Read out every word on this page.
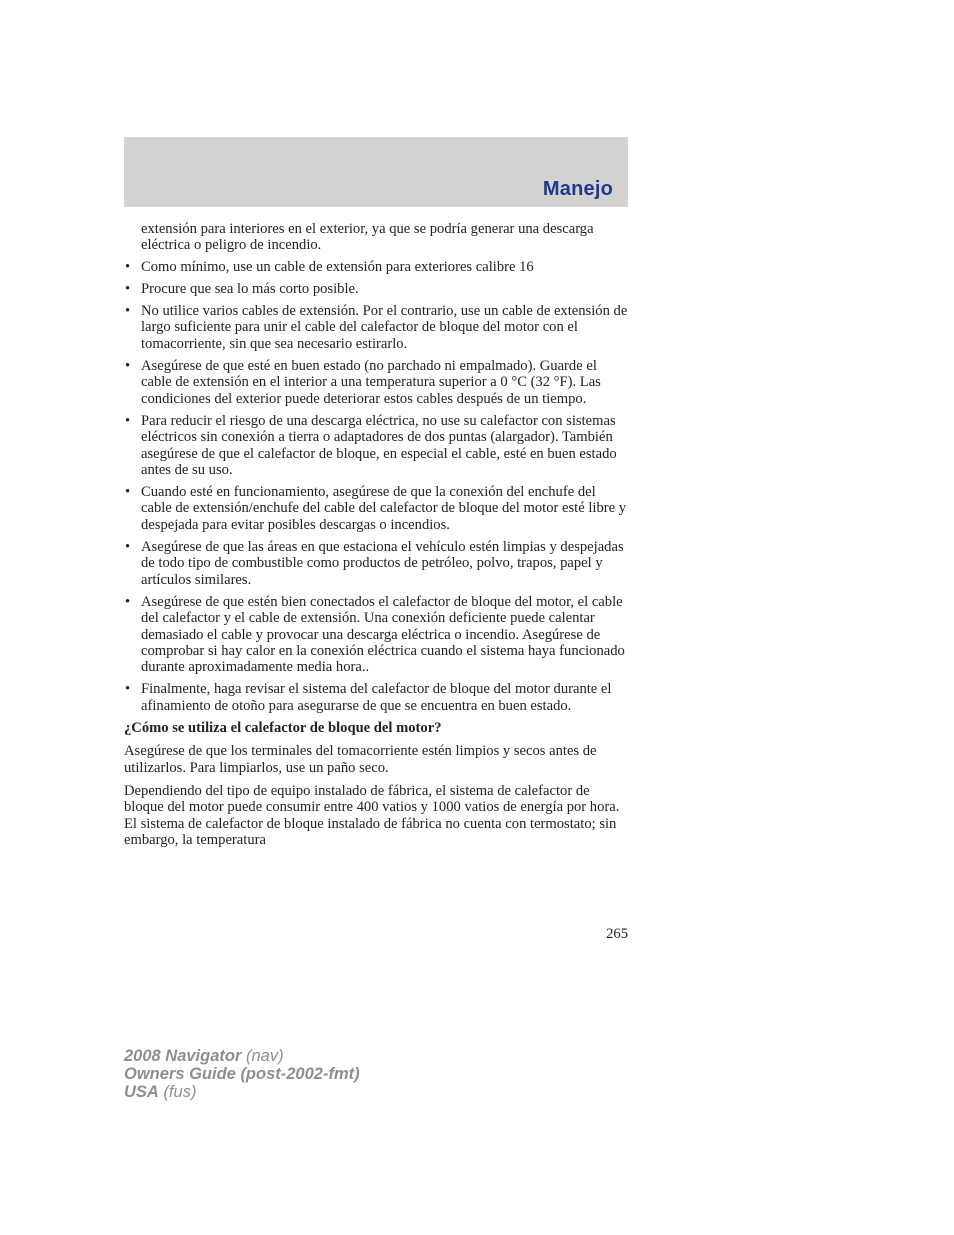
Manejo

extensión para interiores en el exterior, ya que se podría generar una descarga eléctrica o peligro de incendio.

• Como mínimo, use un cable de extensión para exteriores calibre 16
• Procure que sea lo más corto posible.
• No utilice varios cables de extensión. Por el contrario, use un cable de extensión de largo suficiente para unir el cable del calefactor de bloque del motor con el tomacorriente, sin que sea necesario estirarlo.
• Asegúrese de que esté en buen estado (no parchado ni empalmado). Guarde el cable de extensión en el interior a una temperatura superior a 0 °C (32 °F). Las condiciones del exterior puede deteriorar estos cables después de un tiempo.
• Para reducir el riesgo de una descarga eléctrica, no use su calefactor con sistemas eléctricos sin conexión a tierra o adaptadores de dos puntas (alargador). También asegúrese de que el calefactor de bloque, en especial el cable, esté en buen estado antes de su uso.
• Cuando esté en funcionamiento, asegúrese de que la conexión del enchufe del cable de extensión/enchufe del cable del calefactor de bloque del motor esté libre y despejada para evitar posibles descargas o incendios.
• Asegúrese de que las áreas en que estaciona el vehículo estén limpias y despejadas de todo tipo de combustible como productos de petróleo, polvo, trapos, papel y artículos similares.
• Asegúrese de que estén bien conectados el calefactor de bloque del motor, el cable del calefactor y el cable de extensión. Una conexión deficiente puede calentar demasiado el cable y provocar una descarga eléctrica o incendio. Asegúrese de comprobar si hay calor en la conexión eléctrica cuando el sistema haya funcionado durante aproximadamente media hora..
• Finalmente, haga revisar el sistema del calefactor de bloque del motor durante el afinamiento de otoño para asegurarse de que se encuentra en buen estado.

¿Cómo se utiliza el calefactor de bloque del motor?

Asegúrese de que los terminales del tomacorriente estén limpios y secos antes de utilizarlos. Para limpiarlos, use un paño seco.

Dependiendo del tipo de equipo instalado de fábrica, el sistema de calefactor de bloque del motor puede consumir entre 400 vatios y 1000 vatios de energía por hora. El sistema de calefactor de bloque instalado de fábrica no cuenta con termostato; sin embargo, la temperatura

265
2008 Navigator (nav)
Owners Guide (post-2002-fmt)
USA (fus)
